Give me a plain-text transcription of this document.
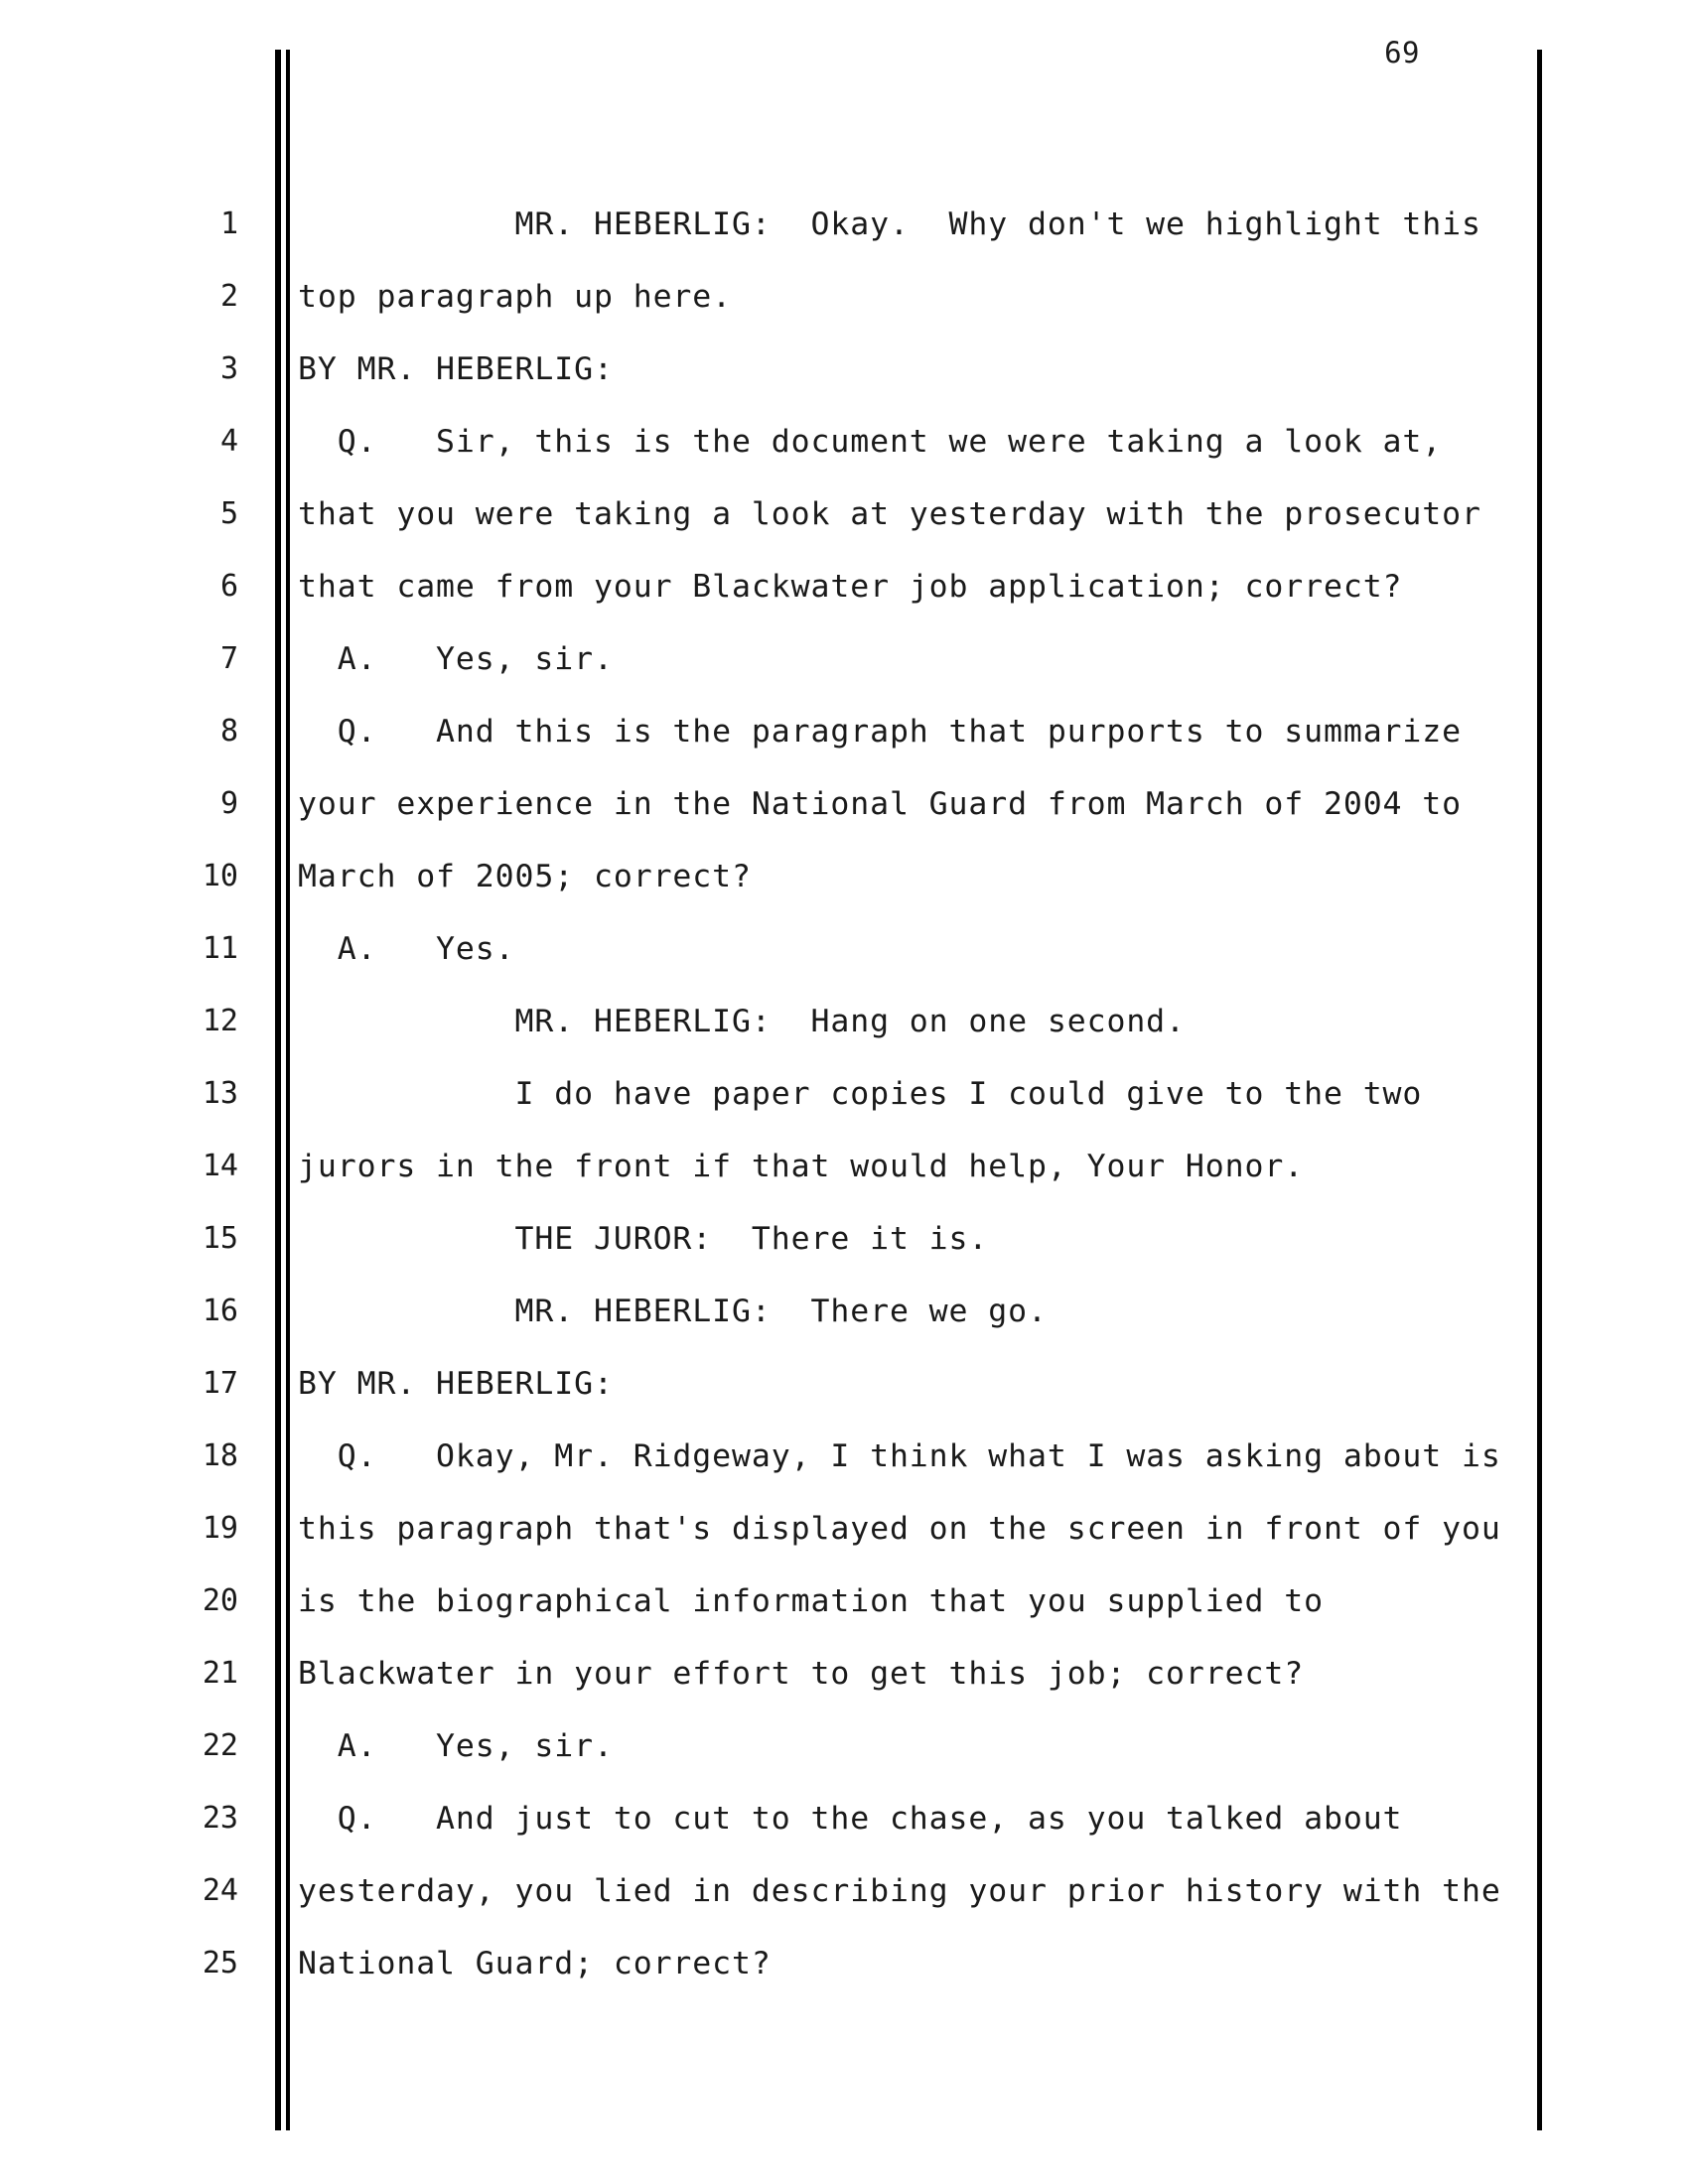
69
1 MR. HEBERLIG:  Okay.  Why don't we highlight this
2 top paragraph up here.
3 BY MR. HEBERLIG:
4 Q.   Sir, this is the document we were taking a look at,
5 that you were taking a look at yesterday with the prosecutor
6 that came from your Blackwater job application; correct?
7 A.   Yes, sir.
8 Q.   And this is the paragraph that purports to summarize
9 your experience in the National Guard from March of 2004 to
10 March of 2005; correct?
11 A.   Yes.
12 MR. HEBERLIG:  Hang on one second.
13 I do have paper copies I could give to the two
14 jurors in the front if that would help, Your Honor.
15 THE JUROR:  There it is.
16 MR. HEBERLIG:  There we go.
17 BY MR. HEBERLIG:
18 Q.   Okay, Mr. Ridgeway, I think what I was asking about is
19 this paragraph that's displayed on the screen in front of you
20 is the biographical information that you supplied to
21 Blackwater in your effort to get this job; correct?
22 A.   Yes, sir.
23 Q.   And just to cut to the chase, as you talked about
24 yesterday, you lied in describing your prior history with the
25 National Guard; correct?
